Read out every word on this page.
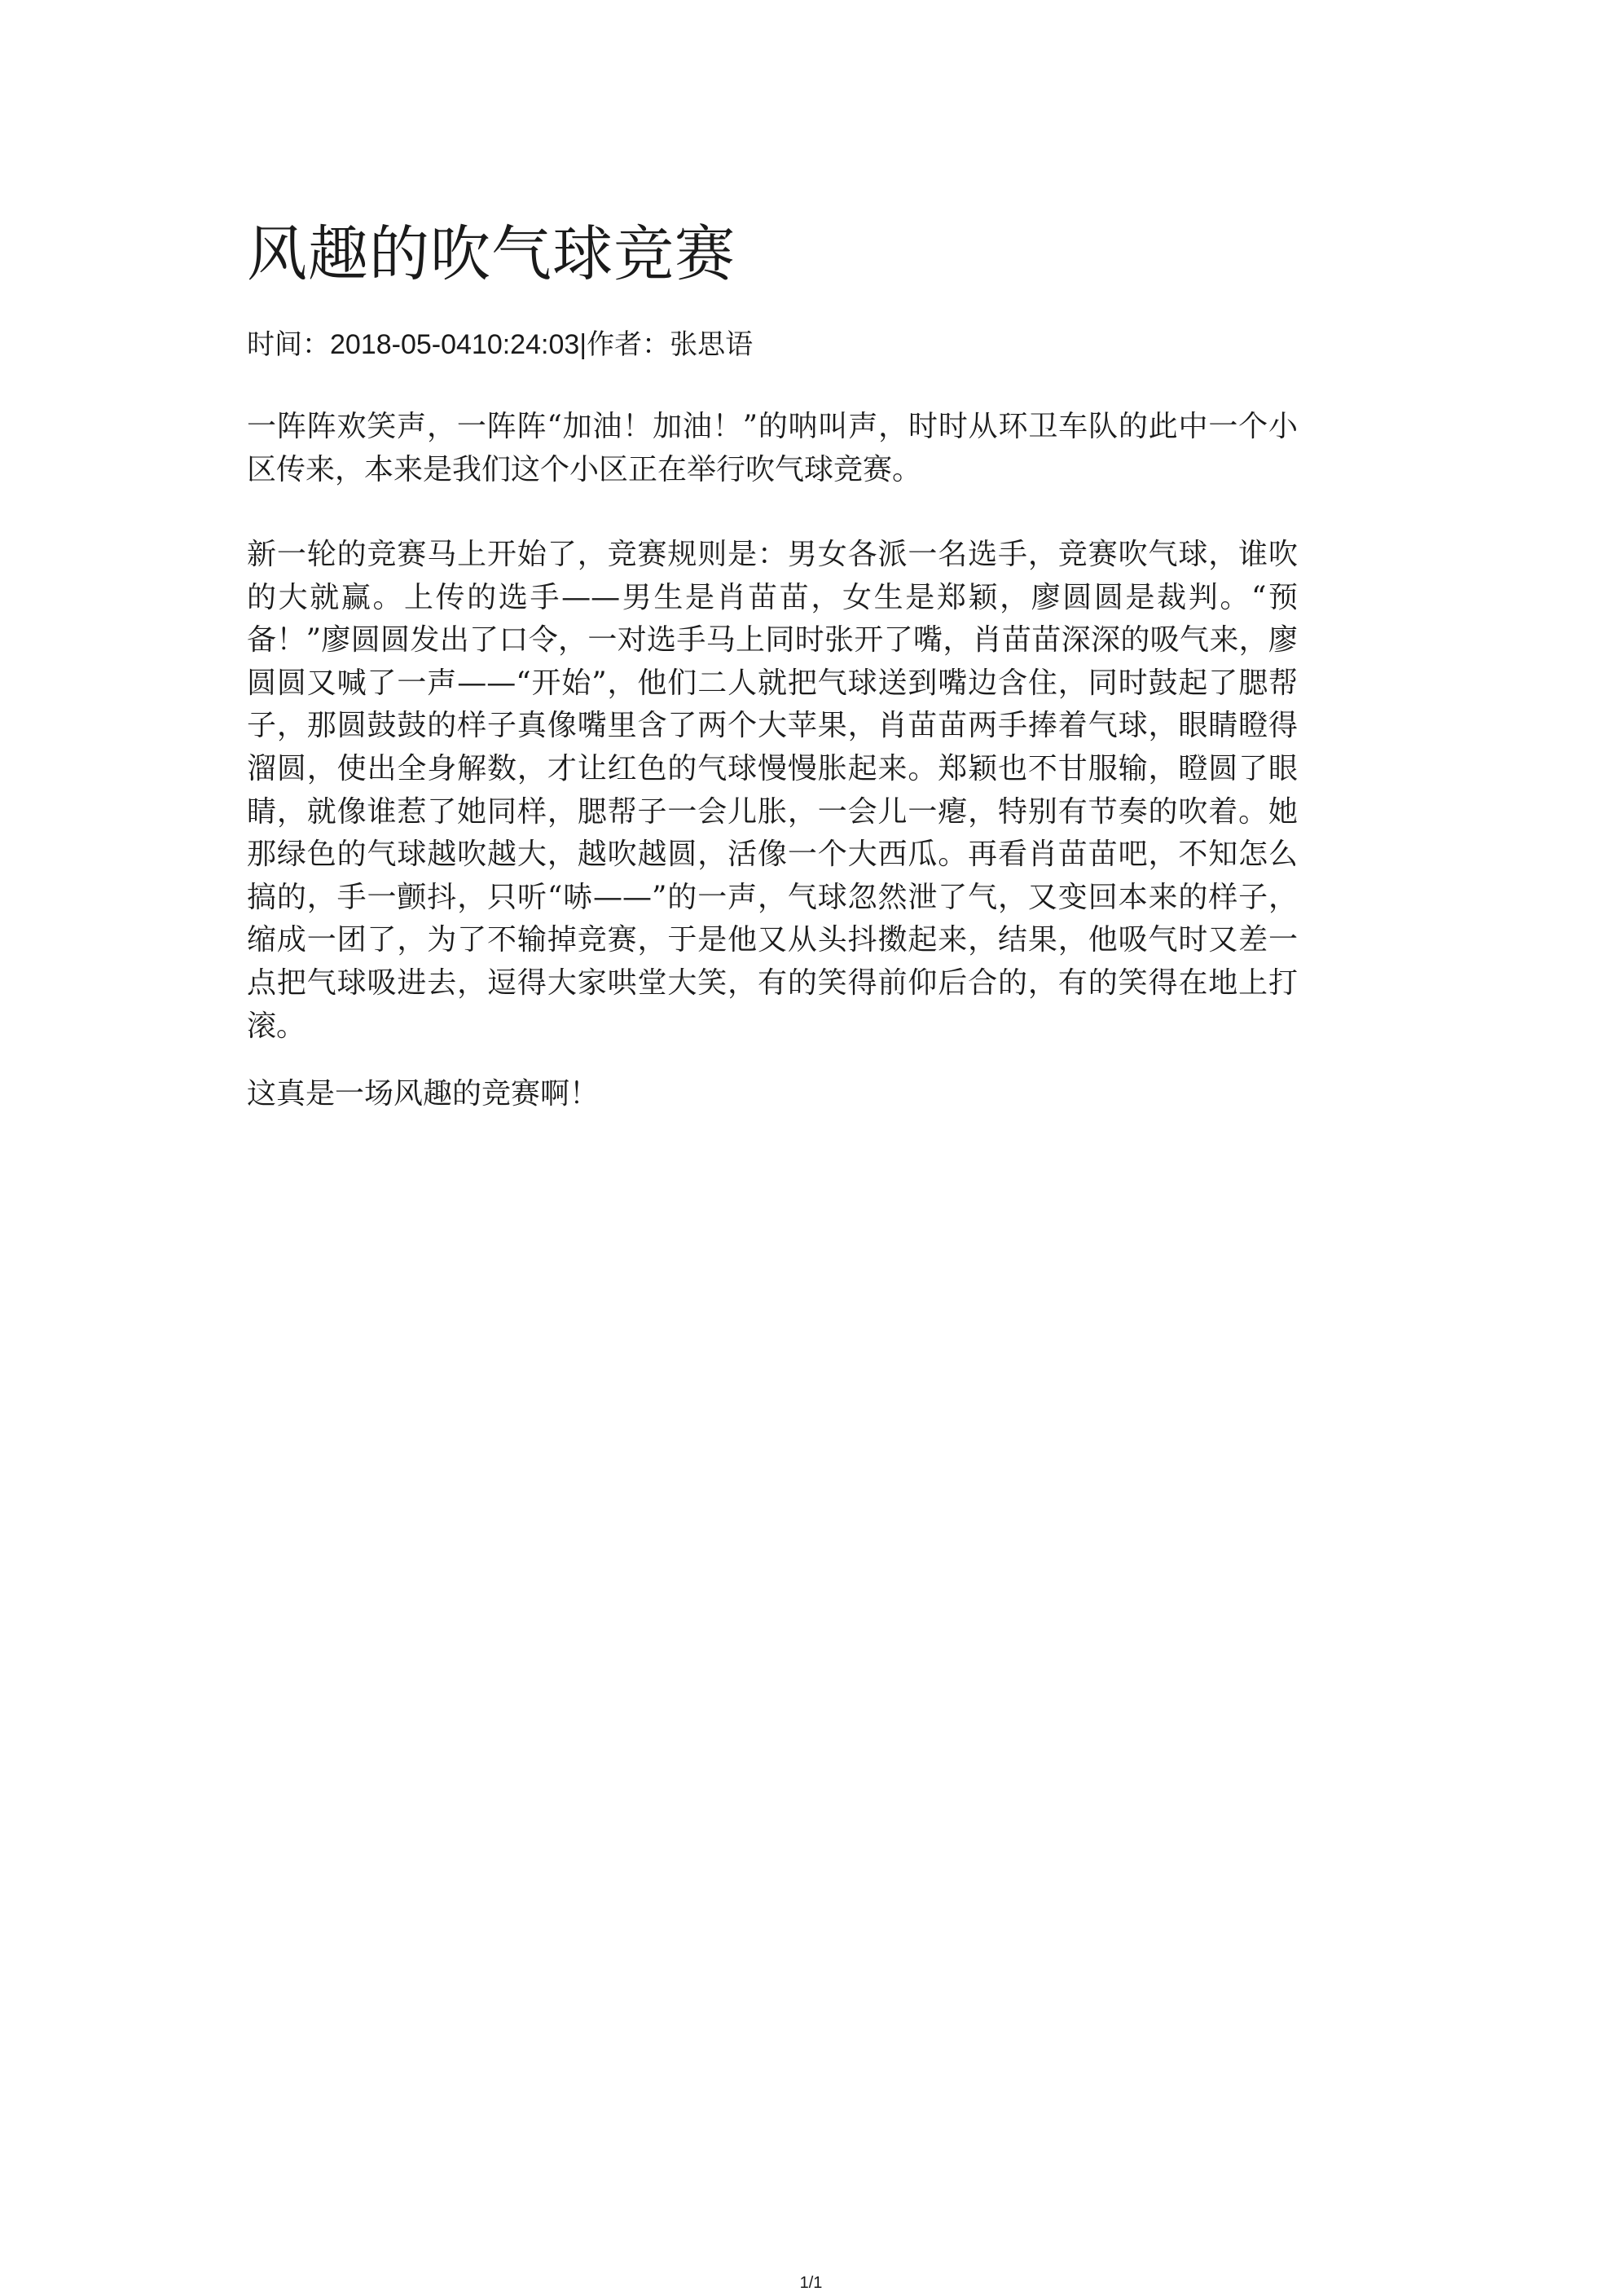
风趣的吹气球竞赛
时间：2018-05-0410:24:03|作者：张思语

一阵阵欢笑声，一阵阵“加油！加油！”的呐叫声，时时从环卫车队的此中一个小区传来，本来是我们这个小区正在举行吹气球竞赛。

新一轮的竞赛马上开始了，竞赛规则是：男女各派一名选手，竞赛吹气球，谁吹的大就赢。上传的选手——男生是肖苗苗，女生是郑颖，廖圆圆是裁判。“预备！”廖圆圆发出了口令，一对选手马上同时张开了嘴，肖苗苗深深的吸气来，廖圆圆又喊了一声——“开始”，他们二人就把气球送到嘴边含住，同时鼓起了腮帮子，那圆鼓鼓的样子真像嘴里含了两个大苹果，肖苗苗两手捧着气球，眼睛瞪得溜圆，使出全身解数，才让红色的气球慢慢胀起来。郑颖也不甘服输，瞪圆了眼睛，就像谁惹了她同样，腮帮子一会儿胀，一会儿一瘪，特别有节奏的吹着。她那绿色的气球越吹越大，越吹越圆，活像一个大西瓜。再看肖苗苗吧，不知怎么搞的，手一颤抖，只听“哧——”的一声，气球忽然泄了气，又变回本来的样子，缩成一团了，为了不输掉竞赛，于是他又从头抖擞起来，结果，他吸气时又差一点把气球吸进去，逗得大家哄堂大笑，有的笑得前仰后合的，有的笑得在地上打滚。

这真是一场风趣的竞赛啊！

1/1
